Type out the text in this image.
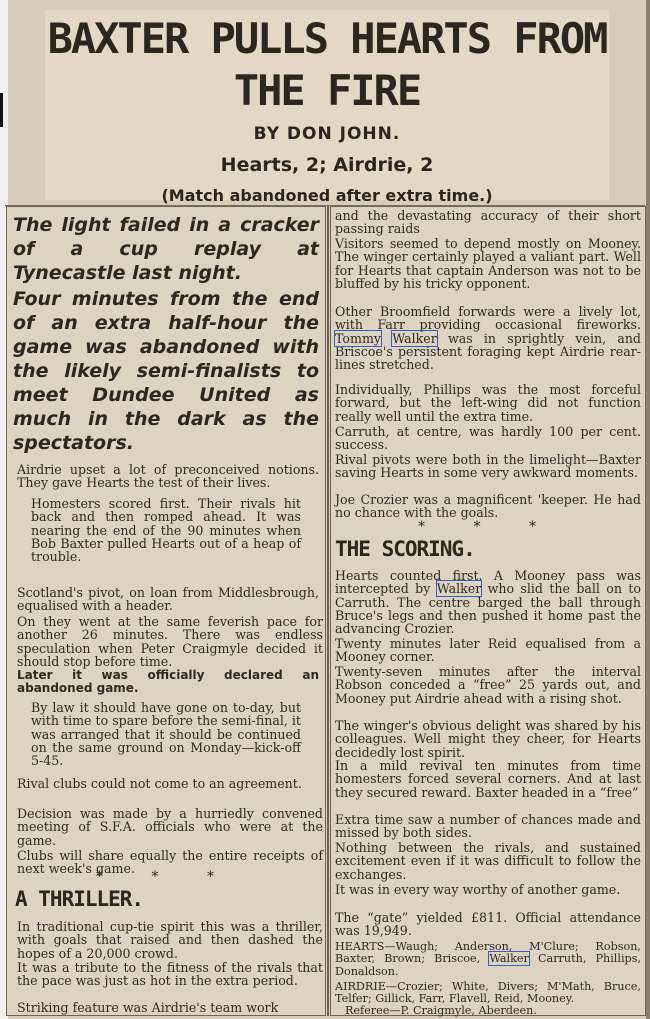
BAXTER PULLS HEARTS FROM
THE FIRE
BY DON JOHN.
Hearts, 2; Airdrie, 2
(Match abandoned after extra time.)

The light failed in a cracker of a cup replay at Tynecastle last night.

Four minutes from the end of an extra half-hour the game was abandoned with the likely semi-finalists to meet Dundee United as much in the dark as the spectators.

Airdrie upset a lot of preconceived notions. They gave Hearts the test of their lives.

Homesters scored first. Their rivals hit back and then romped ahead. It was nearing the end of the 90 minutes when Bob Baxter pulled Hearts out of a heap of trouble.

Scotland's pivot, on loan from Middlesbrough, equalised with a header.

On they went at the same feverish pace for another 26 minutes. There was endless speculation when Peter Craigmyle decided it should stop before time.

Later it was officially declared an abandoned game.

By law it should have gone on to-day, but with time to spare before the semi-final, it was arranged that it should be continued on the same ground on Monday—kick-off 5-45.

Rival clubs could not come to an agreement.

Decision was made by a hurriedly convened meeting of S.F.A. officials who were at the game.

Clubs will share equally the entire receipts of next week's game.

* * *
A THRILLER.

In traditional cup-tie spirit this was a thriller, with goals that raised and then dashed the hopes of a 20,000 crowd.

It was a tribute to the fitness of the rivals that the pace was just as hot in the extra period.

Striking feature was Airdrie's team work

and the devastating accuracy of their short passing raids

Visitors seemed to depend mostly on Mooney. The winger certainly played a valiant part. Well for Hearts that captain Anderson was not to be bluffed by his tricky opponent.

Other Broomfield forwards were a lively lot, with Farr providing occasional fireworks. Tommy Walker was in sprightly vein, and Briscoe's persistent foraging kept Airdrie rear-lines stretched.

Individually, Phillips was the most forceful forward, but the left-wing did not function really well until the extra time.

Carruth, at centre, was hardly 100 per cent. success.

Rival pivots were both in the limelight—Baxter saving Hearts in some very awkward moments.

Joe Crozier was a magnificent 'keeper. He had no chance with the goals.

* * *
THE SCORING.

Hearts counted first. A Mooney pass was intercepted by Walker who slid the ball on to Carruth. The centre barged the ball through Bruce's legs and then pushed it home past the advancing Crozier.

Twenty minutes later Reid equalised from a Mooney corner.

Twenty-seven minutes after the interval Robson conceded a “free” 25 yards out, and Mooney put Airdrie ahead with a rising shot.

The winger's obvious delight was shared by his colleagues. Well might they cheer, for Hearts decidedly lost spirit.

In a mild revival ten minutes from time homesters forced several corners. And at last they secured reward. Baxter headed in a “free”

Extra time saw a number of chances made and missed by both sides.

Nothing between the rivals, and sustained excitement even if it was difficult to follow the exchanges.

It was in every way worthy of another game.

The “gate” yielded £811. Official attendance was 19,949.

HEARTS—Waugh; Anderson, M'Clure; Robson, Baxter, Brown; Briscoe, Walker Carruth, Phillips, Donaldson.

AIRDRIE—Crozier; White, Divers; M'Math, Bruce, Telfer; Gillick, Farr, Flavell, Reid, Mooney.

Referee—P. Craigmyle, Aberdeen.
